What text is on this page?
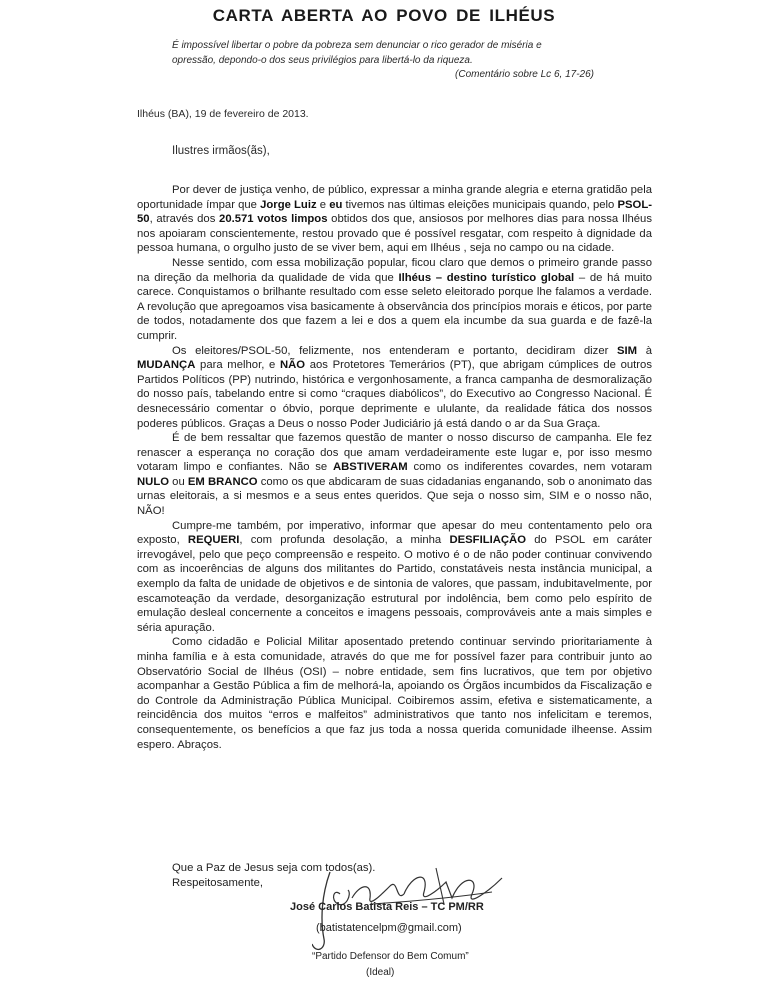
CARTA ABERTA AO POVO DE ILHÉUS
É impossível libertar o pobre da pobreza sem denunciar o rico gerador de miséria e
opressão, depondo-o dos seus privilégios para libertá-lo da riqueza.
(Comentário sobre Lc 6, 17-26)
Ilhéus (BA), 19 de fevereiro de 2013.
Ilustres irmãos(ãs),

Por dever de justiça venho, de público, expressar a minha grande alegria e eterna gratidão pela oportunidade ímpar que Jorge Luiz e eu tivemos nas últimas eleições municipais quando, pelo PSOL-50, através dos 20.571 votos limpos obtidos dos que, ansiosos por melhores dias para nossa Ilhéus nos apoiaram conscientemente, restou provado que é possível resgatar, com respeito à dignidade da pessoa humana, o orgulho justo de se viver bem, aqui em Ilhéus , seja no campo ou na cidade.

Nesse sentido, com essa mobilização popular, ficou claro que demos o primeiro grande passo na direção da melhoria da qualidade de vida que Ilhéus – destino turístico global – de há muito carece. Conquistamos o brilhante resultado com esse seleto eleitorado porque lhe falamos a verdade. A revolução que apregoamos visa basicamente à observância dos princípios morais e éticos, por parte de todos, notadamente dos que fazem a lei e dos a quem ela incumbe da sua guarda e de fazê-la cumprir.

Os eleitores/PSOL-50, felizmente, nos entenderam e portanto, decidiram dizer SIM à MUDANÇA para melhor, e NÃO aos Protetores Temerários (PT), que abrigam cúmplices de outros Partidos Políticos (PP) nutrindo, histórica e vergonhosamente, a franca campanha de desmoralização do nosso país, tabelando entre si como “craques diabólicos”, do Executivo ao Congresso Nacional. É desnecessário comentar o óbvio, porque deprimente e ululante, da realidade fática dos nossos poderes públicos. Graças a Deus o nosso Poder Judiciário já está dando o ar da Sua Graça.

É de bem ressaltar que fazemos questão de manter o nosso discurso de campanha. Ele fez renascer a esperança no coração dos que amam verdadeiramente este lugar e, por isso mesmo votaram limpo e confiantes. Não se ABSTIVERAM como os indiferentes covardes, nem votaram NULO ou EM BRANCO como os que abdicaram de suas cidadanias enganando, sob o anonimato das urnas eleitorais, a si mesmos e a seus entes queridos. Que seja o nosso sim, SIM e o nosso não, NÃO!

Cumpre-me também, por imperativo, informar que apesar do meu contentamento pelo ora exposto, REQUERI, com profunda desolação, a minha DESFILIAÇÃO do PSOL em caráter irrevogável, pelo que peço compreensão e respeito. O motivo é o de não poder continuar convivendo com as incoerências de alguns dos militantes do Partido, constatáveis nesta instância municipal, a exemplo da falta de unidade de objetivos e de sintonia de valores, que passam, indubitavelmente, por escamoteação da verdade, desorganização estrutural por indolência, bem como pelo espírito de emulação desleal concernente a conceitos e imagens pessoais, comprováveis ante a mais simples e séria apuração.

Como cidadão e Policial Militar aposentado pretendo continuar servindo prioritariamente à minha família e à esta comunidade, através do que me for possível fazer para contribuir junto ao Observatório Social de Ilhéus (OSI) – nobre entidade, sem fins lucrativos, que tem por objetivo acompanhar a Gestão Pública a fim de melhorá-la, apoiando os Órgãos incumbidos da Fiscalização e do Controle da Administração Pública Municipal. Coibiremos assim, efetiva e sistematicamente, a reincidência dos muitos “erros e malfeitos” administrativos que tanto nos infelicitam e teremos, consequentemente, os benefícios a que faz jus toda a nossa querida comunidade ilheense. Assim espero. Abraços.

Que a Paz de Jesus seja com todos(as).
Respeitosamente,
José Carlos Batista Reis – TC PM/RR
(batistatencelpm@gmail.com)
“Partido Defensor do Bem Comum”
(Ideal)
